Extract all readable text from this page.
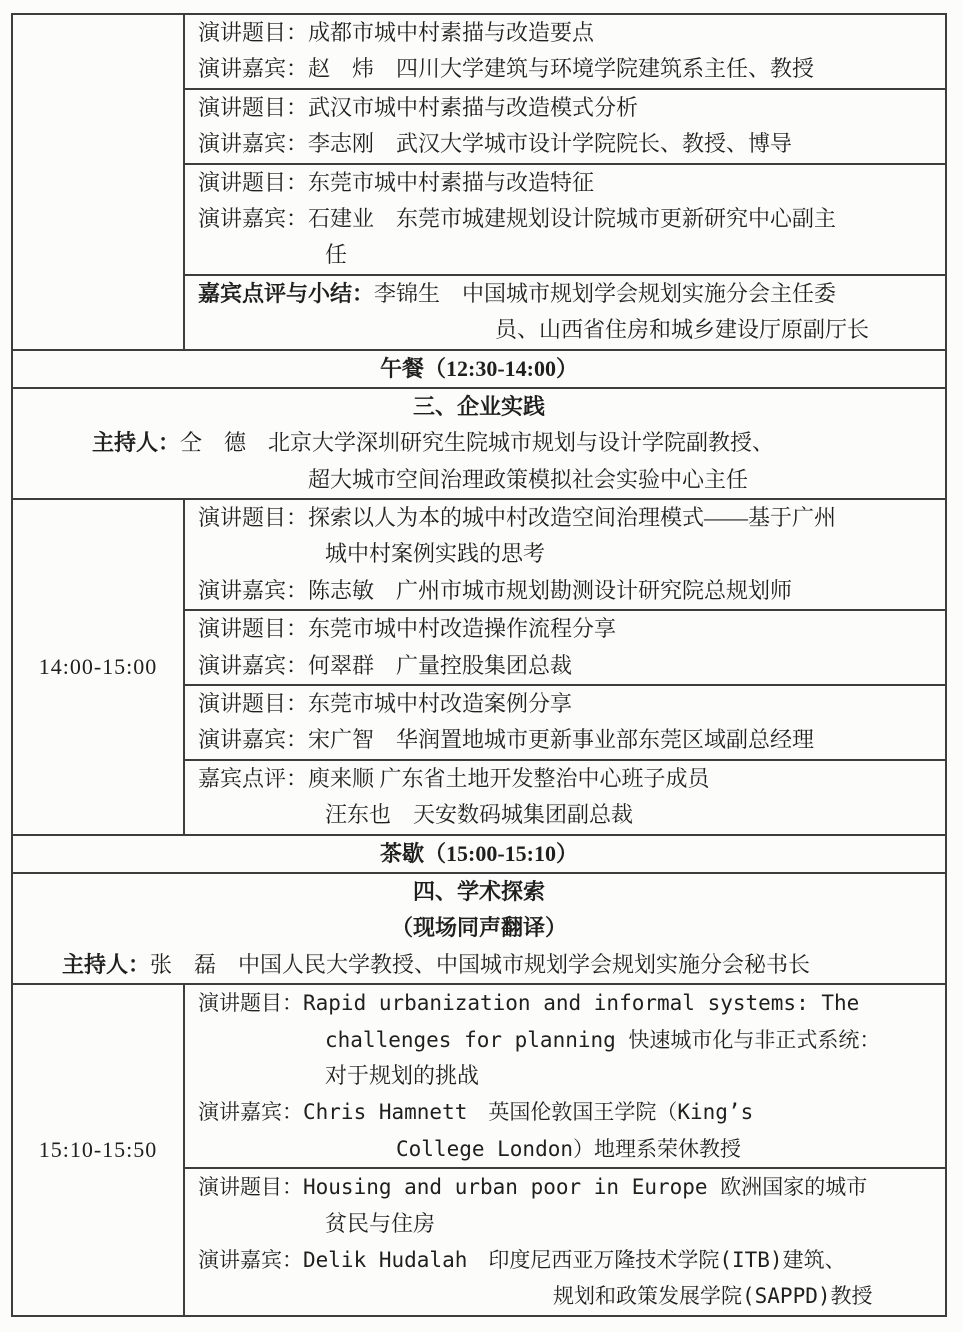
演讲题目：成都市城中村素描与改造要点
演讲嘉宾：赵　炜　四川大学建筑与环境学院建筑系主任、教授
演讲题目：武汉市城中村素描与改造模式分析
演讲嘉宾：李志刚　武汉大学城市设计学院院长、教授、博导
演讲题目：东莞市城中村素描与改造特征
演讲嘉宾：石建业　东莞市城建规划设计院城市更新研究中心副主
任
嘉宾点评与小结：李锦生　中国城市规划学会规划实施分会主任委
员、山西省住房和城乡建设厅原副厅长
午餐（12:30-14:00）
三、企业实践
主持人：仝　德　北京大学深圳研究生院城市规划与设计学院副教授、
超大城市空间治理政策模拟社会实验中心主任
14:00-15:00
演讲题目：探索以人为本的城中村改造空间治理模式——基于广州
城中村案例实践的思考
演讲嘉宾：陈志敏　广州市城市规划勘测设计研究院总规划师
演讲题目：东莞市城中村改造操作流程分享
演讲嘉宾：何翠群　广量控股集团总裁
演讲题目：东莞市城中村改造案例分享
演讲嘉宾：宋广智　华润置地城市更新事业部东莞区域副总经理
嘉宾点评：庾来顺 广东省土地开发整治中心班子成员
汪东也　天安数码城集团副总裁
茶歇（15:00-15:10）
四、学术探索
（现场同声翻译）
主持人：张　磊　中国人民大学教授、中国城市规划学会规划实施分会秘书长
15:10-15:50
演讲题目：Rapid urbanization and informal systems: The
challenges for planning 快速城市化与非正式系统：
对于规划的挑战
演讲嘉宾：Chris Hamnett　英国伦敦国王学院（King’s
College London）地理系荣休教授
演讲题目：Housing and urban poor in Europe 欧洲国家的城市
贫民与住房
演讲嘉宾：Delik Hudalah　印度尼西亚万隆技术学院(ITB)建筑、
规划和政策发展学院(SAPPD)教授
